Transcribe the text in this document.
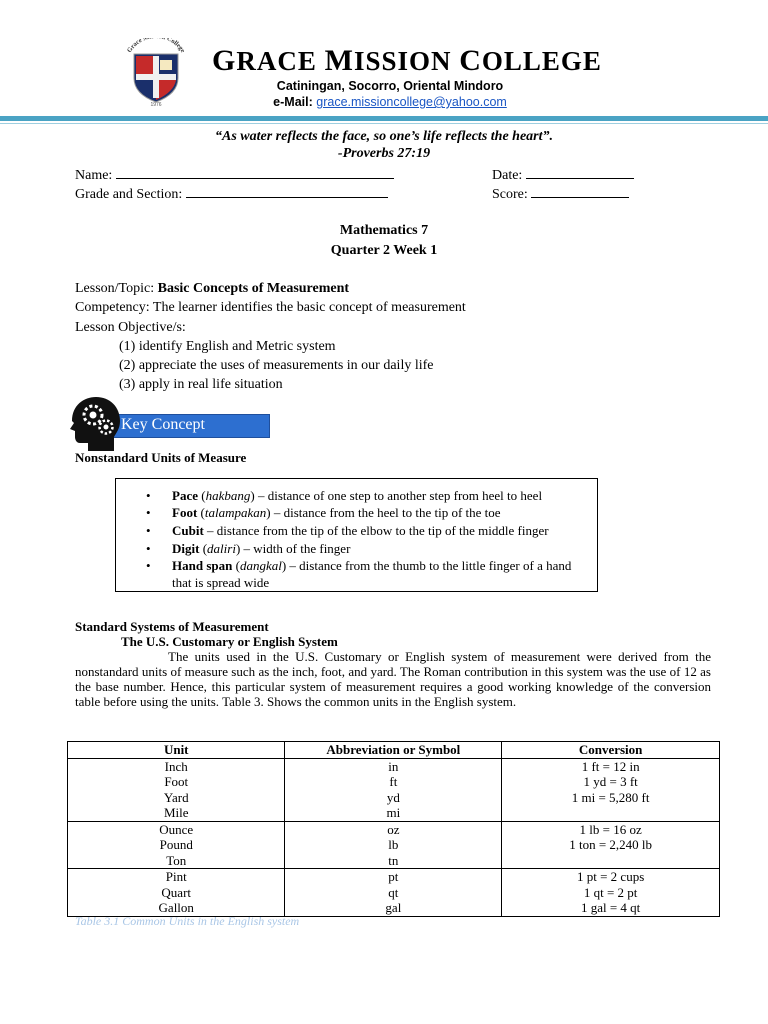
Grace M College
1976
GRACE MISSION COLLEGE
Catiningan, Socorro, Oriental Mindoro
e-Mail: grace.missioncollege@yahoo.com
“As water reflects the face, so one’s life reflects the heart”.
-Proverbs 27:19
Name:	Date:
Grade and Section:	Score:
Mathematics 7
Quarter 2 Week 1
Lesson/Topic: Basic Concepts of Measurement
Competency: The learner identifies the basic concept of measurement
Lesson Objective/s:
(1) identify English and Metric system
(2) appreciate the uses of measurements in our daily life
(3) apply in real life situation
Key Concept
Nonstandard Units of Measure
• Pace (hakbang) – distance of one step to another step from heel to heel
• Foot (talampakan) – distance from the heel to the tip of the toe
• Cubit – distance from the tip of the elbow to the tip of the middle finger
• Digit (daliri) – width of the finger
• Hand span (dangkal) – distance from the thumb to the little finger of a hand that is spread wide
Standard Systems of Measurement
The U.S. Customary or English System
The units used in the U.S. Customary or English system of measurement were derived from the nonstandard units of measure such as the inch, foot, and yard. The Roman contribution in this system was the use of 12 as the base number. Hence, this particular system of measurement requires a good working knowledge of the conversion table before using the units. Table 3. Shows the common units in the English system.
Unit	Abbreviation or Symbol	Conversion
Inch	in	1 ft = 12 in
Foot	ft	1 yd = 3 ft
Yard	yd	1 mi = 5,280 ft
Mile	mi	
Ounce	oz	1 lb = 16 oz
Pound	lb	1 ton = 2,240 lb
Ton	tn	
Pint	pt	1 pt = 2 cups
Quart	qt	1 qt = 2 pt
Gallon	gal	1 gal = 4 qt
Table 3.1 Common Units in the English system
